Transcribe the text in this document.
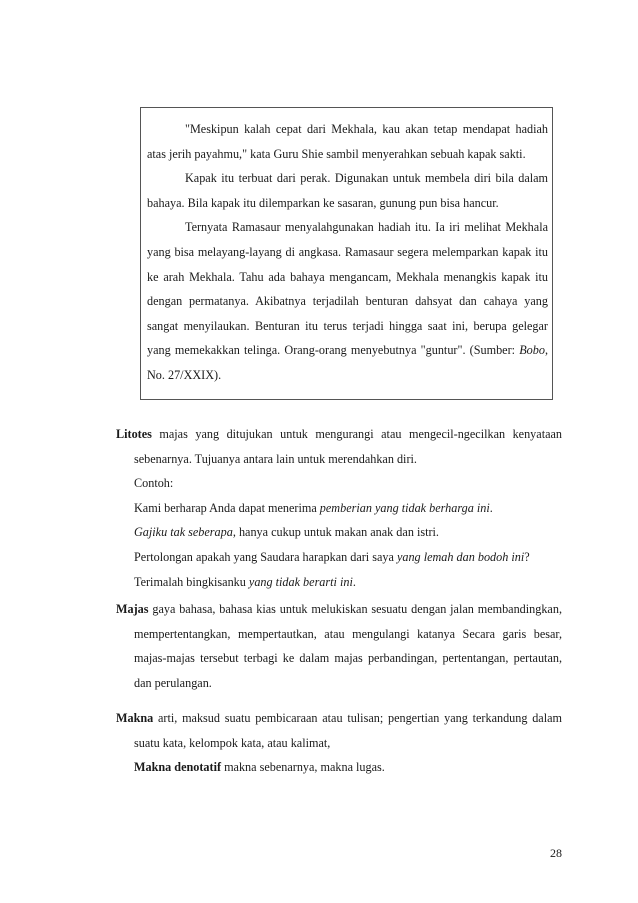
"Meskipun kalah cepat dari Mekhala, kau akan tetap mendapat hadiah atas jerih payahmu," kata Guru Shie sambil menyerahkan sebuah kapak sakti.

Kapak itu terbuat dari perak. Digunakan untuk membela diri bila dalam bahaya. Bila kapak itu dilemparkan ke sasaran, gunung pun bisa hancur.

Ternyata Ramasaur menyalahgunakan hadiah itu. Ia iri melihat Mekhala yang bisa melayang-layang di angkasa. Ramasaur segera melemparkan kapak itu ke arah Mekhala. Tahu ada bahaya mengancam, Mekhala menangkis kapak itu dengan permatanya. Akibatnya terjadilah benturan dahsyat dan cahaya yang sangat menyilaukan. Benturan itu terus terjadi hingga saat ini, berupa gelegar yang memekakkan telinga. Orang-orang menyebutnya "guntur". (Sumber: Bobo, No. 27/XXIX).

Litotes majas yang ditujukan untuk mengurangi atau mengecil-ngecilkan kenyataan sebenarnya. Tujuanya antara lain untuk merendahkan diri.

Contoh:

Kami berharap Anda dapat menerima pemberian yang tidak berharga ini.

Gajiku tak seberapa, hanya cukup untuk makan anak dan istri.

Pertolongan apakah yang Saudara harapkan dari saya yang lemah dan bodoh ini?

Terimalah bingkisanku yang tidak berarti ini.

Majas gaya bahasa, bahasa kias untuk melukiskan sesuatu dengan jalan membandingkan, mempertentangkan, mempertautkan, atau mengulangi katanya Secara garis besar, majas-majas tersebut terbagi ke dalam majas perbandingan, pertentangan, pertautan, dan perulangan.

Makna arti, maksud suatu pembicaraan atau tulisan; pengertian yang terkandung dalam suatu kata, kelompok kata, atau kalimat,

Makna denotatif makna sebenarnya, makna lugas.

28
